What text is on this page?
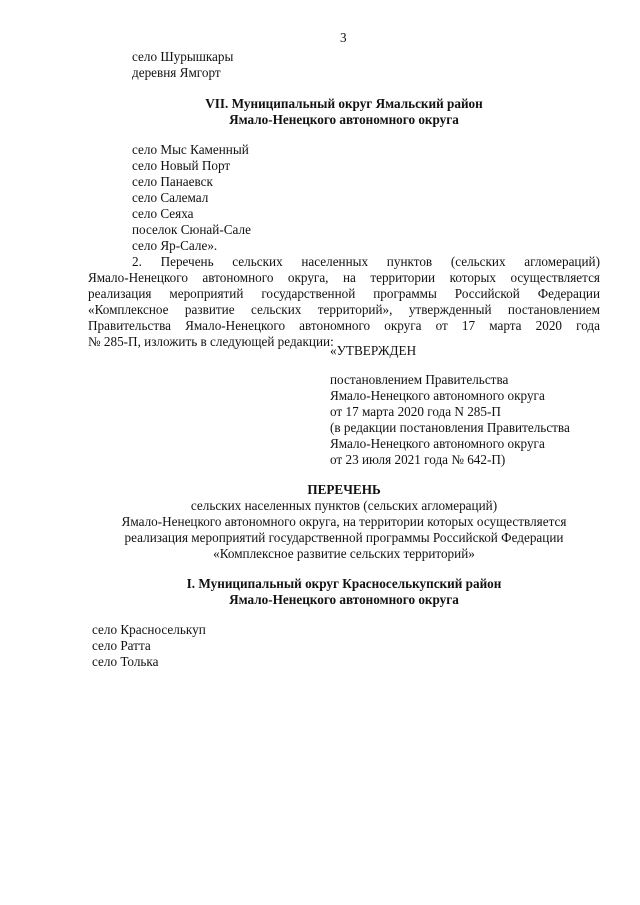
3
село Шурышкары
деревня Ямгорт
VII. Муниципальный округ Ямальский район
Ямало-Ненецкого автономного округа
село Мыс Каменный
село Новый Порт
село Панаевск
село Салемал
село Сеяха
поселок Сюнай-Сале
село Яр-Сале».
2. Перечень сельских населенных пунктов (сельских агломераций)
Ямало-Ненецкого автономного округа, на территории которых осуществляется
реализация мероприятий государственной программы Российской Федерации
«Комплексное развитие сельских территорий», утвержденный постановлением
Правительства Ямало-Ненецкого автономного округа от 17 марта 2020 года
№ 285-П, изложить в следующей редакции:
«УТВЕРЖДЕН
постановлением Правительства
Ямало-Ненецкого автономного округа
от 17 марта 2020 года N 285-П
(в редакции постановления Правительства
Ямало-Ненецкого автономного округа
от 23 июля 2021 года № 642-П)
ПЕРЕЧЕНЬ
сельских населенных пунктов (сельских агломераций)
Ямало-Ненецкого автономного округа, на территории которых осуществляется
реализация мероприятий государственной программы Российской Федерации
«Комплексное развитие сельских территорий»
I. Муниципальный округ Красноселькупский район
Ямало-Ненецкого автономного округа
село Красноселькуп
село Ратта
село Толька
